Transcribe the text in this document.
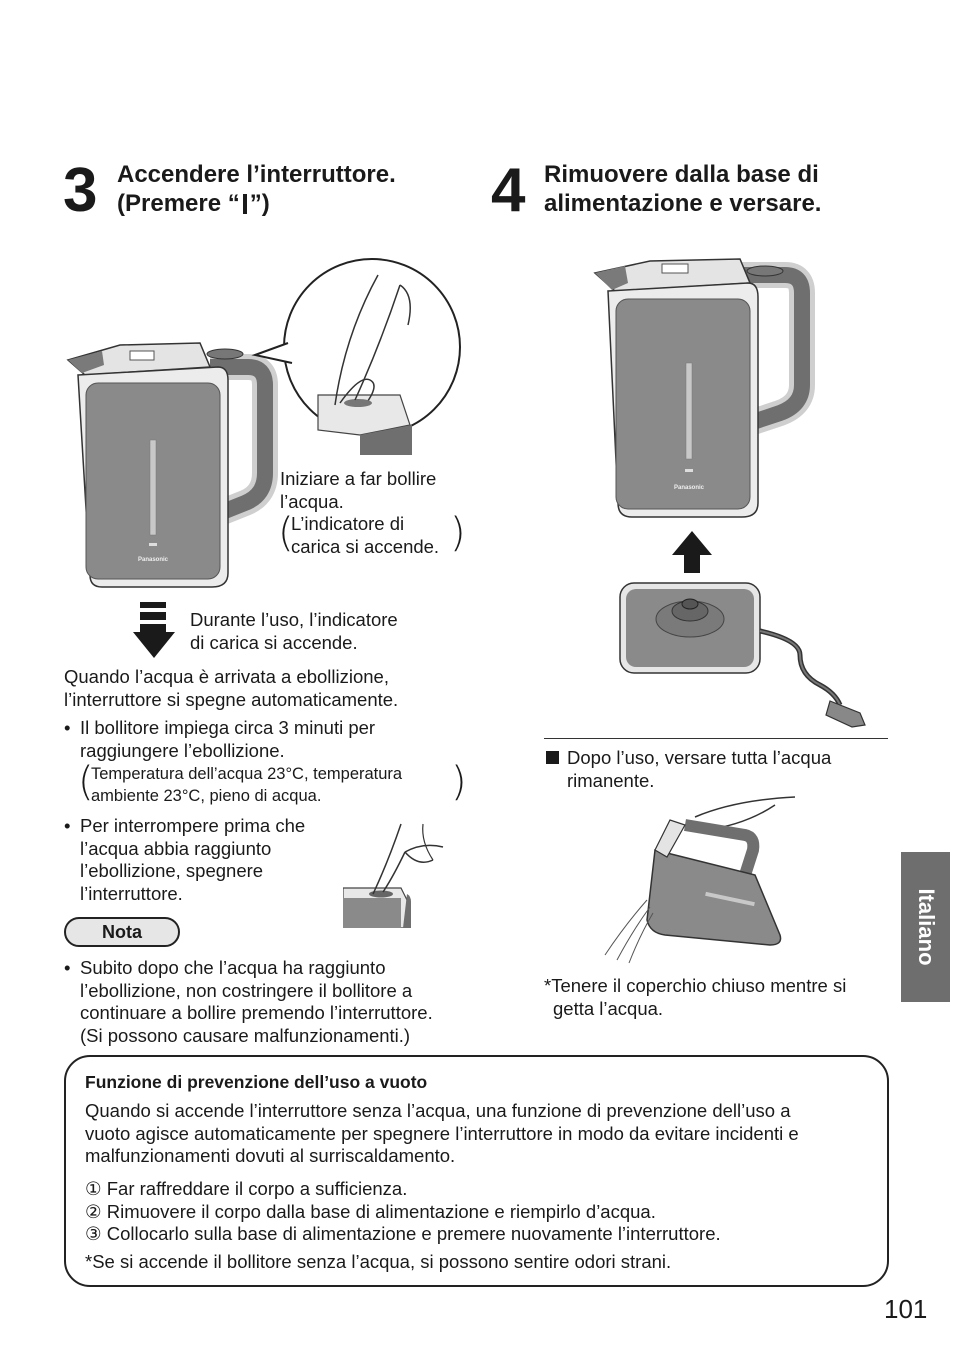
3 Accendere l’interruttore.
(Premere “ ”)	4 Rimuovere dalla base di
alimentazione e versare.
Panasonic
Iniziare a far bollire
l’acqua.
(
L’indicatore di
carica si accende. )
Durante l’uso, l’indicatore
di carica si accende.
Quando l’acqua è arrivata a ebollizione,
l’interruttore si spegne automaticamente.
• Il bollitore impiega circa 3 minuti per
raggiungere l’ebollizione.
(
Temperatura dell’acqua 23°C, temperatura
ambiente 23°C, pieno di acqua.	)
• Per interrompere prima che
l’acqua abbia raggiunto
l’ebollizione, spegnere
l’interruttore.
Nota
• Subito dopo che l’acqua ha raggiunto
l’ebollizione, non costringere il bollitore a
continuare a bollire premendo l’interruttore.
(Si possono causare malfunzionamenti.)
Panasonic
Dopo l’uso, versare tutta l’acqua
rimanente.
*Tenere il coperchio chiuso mentre si
getta l’acqua.
Italiano
Funzione di prevenzione dell’uso a vuoto
Quando si accende l’interruttore senza l’acqua, una funzione di prevenzione dell’uso a
vuoto agisce automaticamente per spegnere l’interruttore in modo da evitare incidenti e
malfunzionamenti dovuti al surriscaldamento.
① Far raffreddare il corpo a sufficienza.
② Rimuovere il corpo dalla base di alimentazione e riempirlo d’acqua.
③ Collocarlo sulla base di alimentazione e premere nuovamente l’interruttore.
*Se si accende il bollitore senza l’acqua, si possono sentire odori strani.
101
